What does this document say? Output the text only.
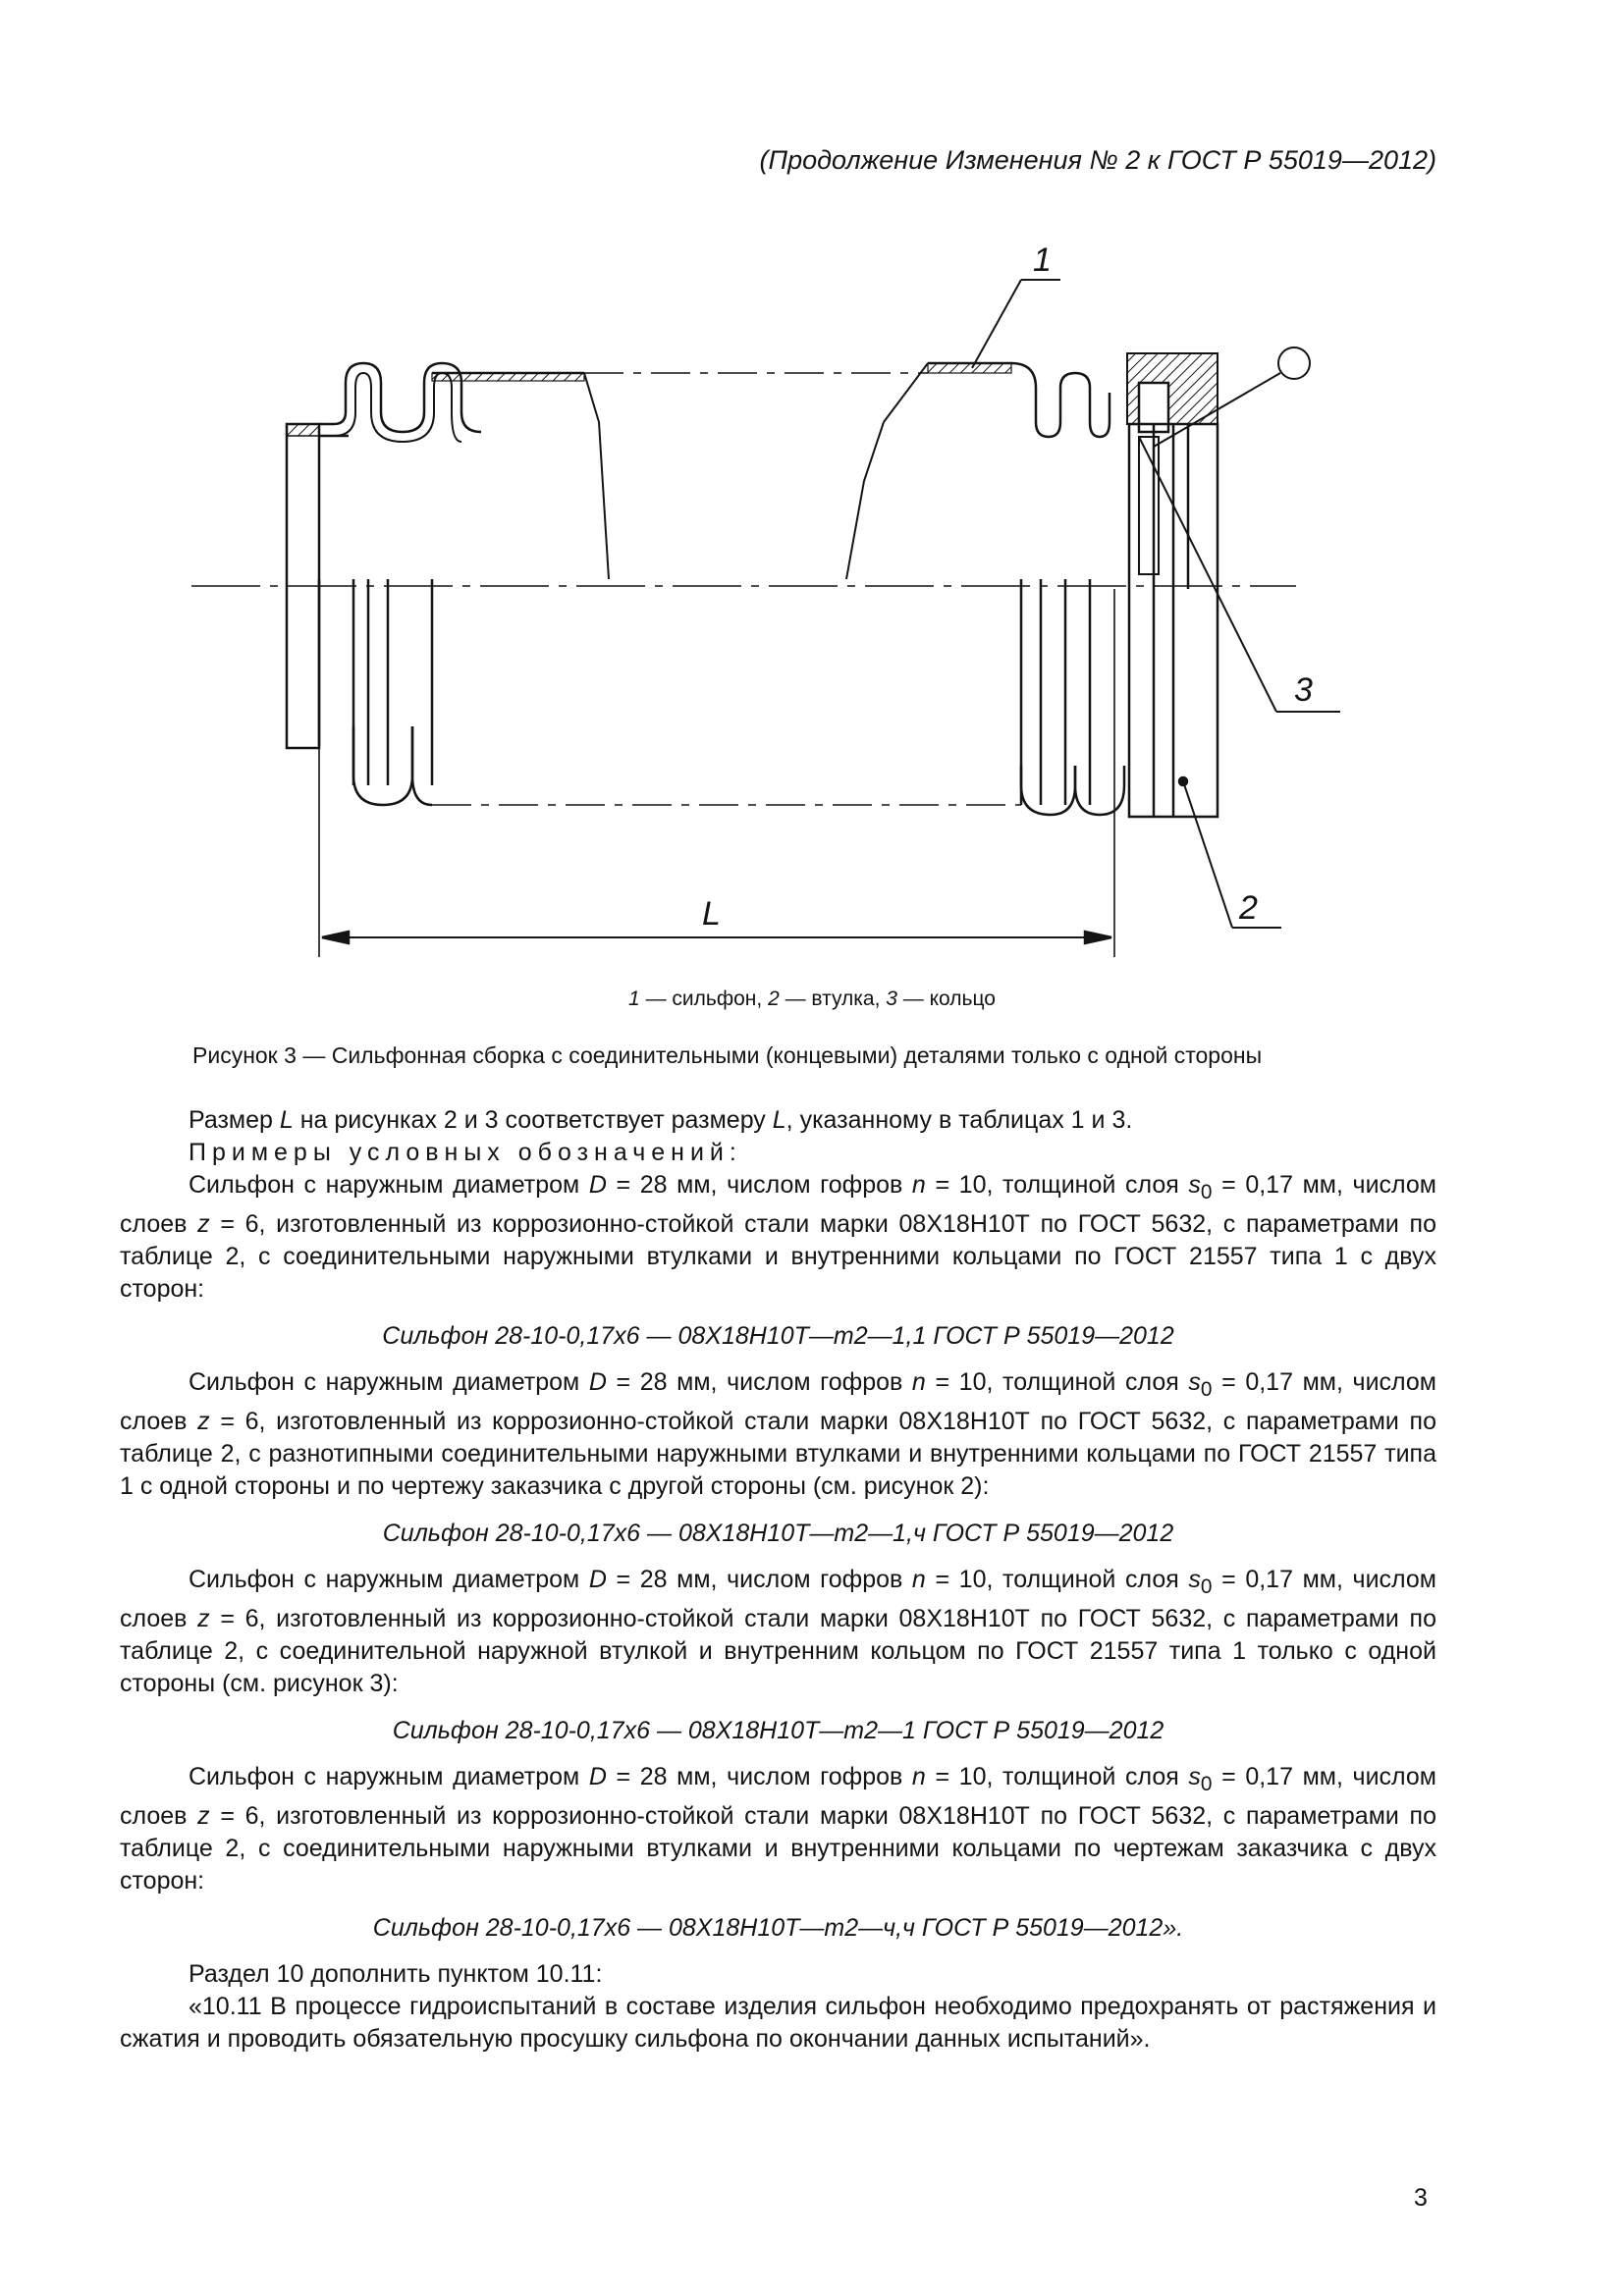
(Продолжение Изменения № 2 к ГОСТ Р 55019—2012)
1
2
3
L
1 — сильфон, 2 — втулка, 3 — кольцо
Рисунок 3 — Сильфонная сборка с соединительными (концевыми) деталями только с одной стороны

Размер L на рисунках 2 и 3 соответствует размеру L, указанному в таблицах 1 и 3.

Примеры условных обозначений:

Сильфон с наружным диаметром D = 28 мм, числом гофров n = 10, толщиной слоя $s_0 = 0,17$ мм, числом слоев z = 6, изготовленный из коррозионно-стойкой стали марки 08Х18Н10Т по ГОСТ 5632, с параметрами по таблице 2, с соединительными наружными втулками и внутренними кольцами по ГОСТ 21557 типа 1 с двух сторон:

Сильфон 28-10-0,17х6 — 08Х18Н10Т—т2—1,1 ГОСТ Р 55019—2012

Сильфон с наружным диаметром D = 28 мм, числом гофров n = 10, толщиной слоя $s_0 = 0,17$ мм, числом слоев z = 6, изготовленный из коррозионно-стойкой стали марки 08Х18Н10Т по ГОСТ 5632, с параметрами по таблице 2, с разнотипными соединительными наружными втулками и внутренними кольцами по ГОСТ 21557 типа 1 с одной стороны и по чертежу заказчика с другой стороны (см. рисунок 2):

Сильфон 28-10-0,17х6 — 08Х18Н10Т—т2—1,ч ГОСТ Р 55019—2012

Сильфон с наружным диаметром D = 28 мм, числом гофров n = 10, толщиной слоя $s_0 = 0,17$ мм, числом слоев z = 6, изготовленный из коррозионно-стойкой стали марки 08Х18Н10Т по ГОСТ 5632, с параметрами по таблице 2, с соединительной наружной втулкой и внутренним кольцом по ГОСТ 21557 типа 1 только с одной стороны (см. рисунок 3):

Сильфон 28-10-0,17х6 — 08Х18Н10Т—т2—1 ГОСТ Р 55019—2012

Сильфон с наружным диаметром D = 28 мм, числом гофров n = 10, толщиной слоя $s_0 = 0,17$ мм, числом слоев z = 6, изготовленный из коррозионно-стойкой стали марки 08Х18Н10Т по ГОСТ 5632, с параметрами по таблице 2, с соединительными наружными втулками и внутренними кольцами по чертежам заказчика с двух сторон:

Сильфон 28-10-0,17х6 — 08Х18Н10Т—т2—ч,ч ГОСТ Р 55019—2012».

Раздел 10 дополнить пунктом 10.11:

«10.11 В процессе гидроиспытаний в составе изделия сильфон необходимо предохранять от растяжения и сжатия и проводить обязательную просушку сильфона по окончании данных испытаний».

3
